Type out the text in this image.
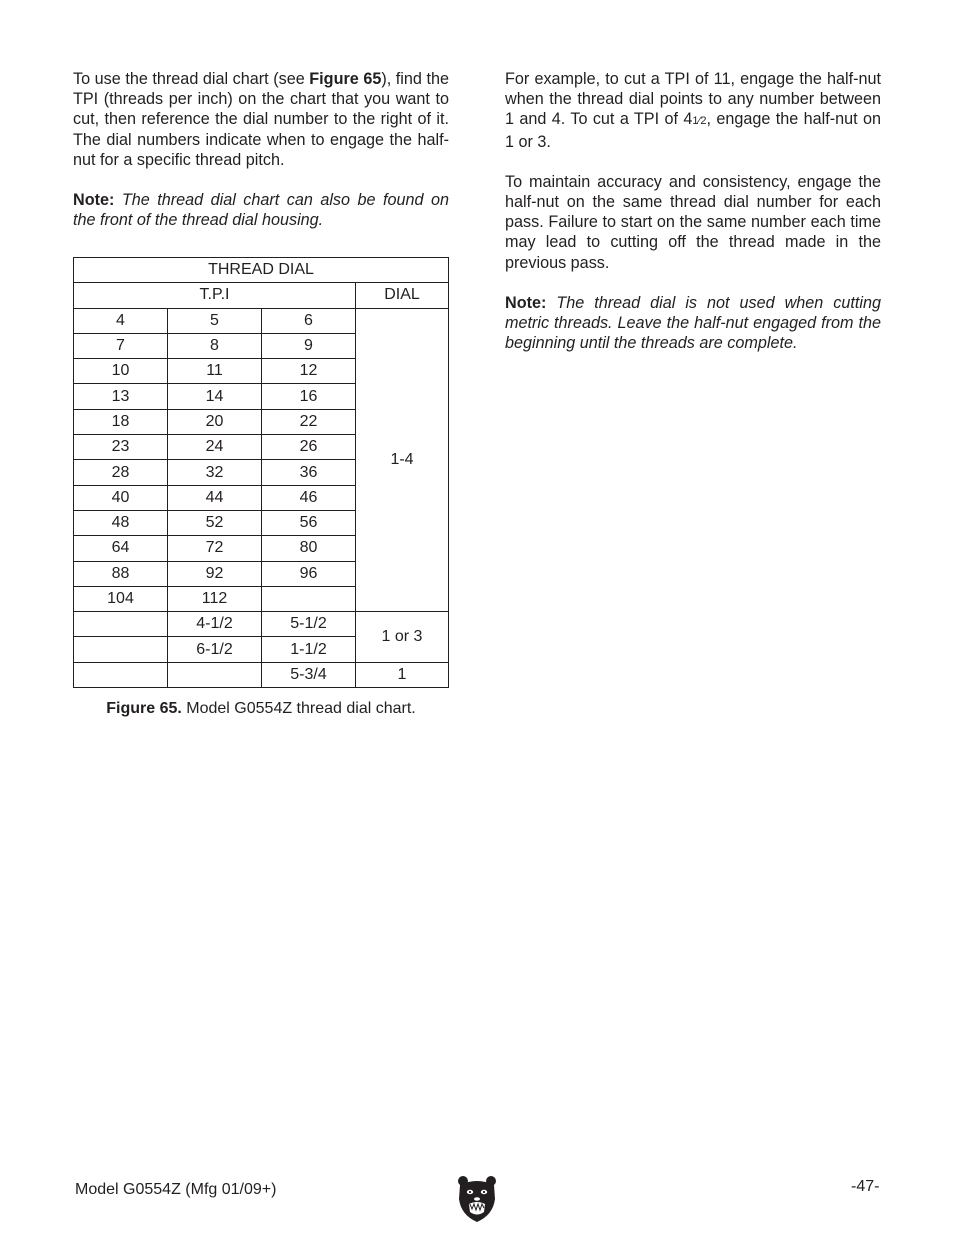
To use the thread dial chart (see Figure 65), find the TPI (threads per inch) on the chart that you want to cut, then reference the dial number to the right of it. The dial numbers indicate when to engage the half-nut for a specific thread pitch.

Note: The thread dial chart can also be found on the front of the thread dial housing.

THREAD DIAL			
T.P.I			DIAL
4	5	6	1-4
7	8	9	
10	11	12	
13	14	16	
18	20	22	
23	24	26	
28	32	36	
40	44	46	
48	52	56	
64	72	80	
88	92	96	
104	112		
	4-1/2	5-1/2	1 or 3
	6-1/2	1-1/2	
		5-3/4	1
Figure 65. Model G0554Z thread dial chart.

For example, to cut a TPI of 11, engage the half-nut when the thread dial points to any number between 1 and 4. To cut a TPI of 41⁄2, engage the half-nut on 1 or 3.

To maintain accuracy and consistency, engage the half-nut on the same thread dial number for each pass. Failure to start on the same number each time may lead to cutting off the thread made in the previous pass.

Note: The thread dial is not used when cutting metric threads. Leave the half-nut engaged from the beginning until the threads are complete.

Model G0554Z (Mfg 01/09+)	-47-
